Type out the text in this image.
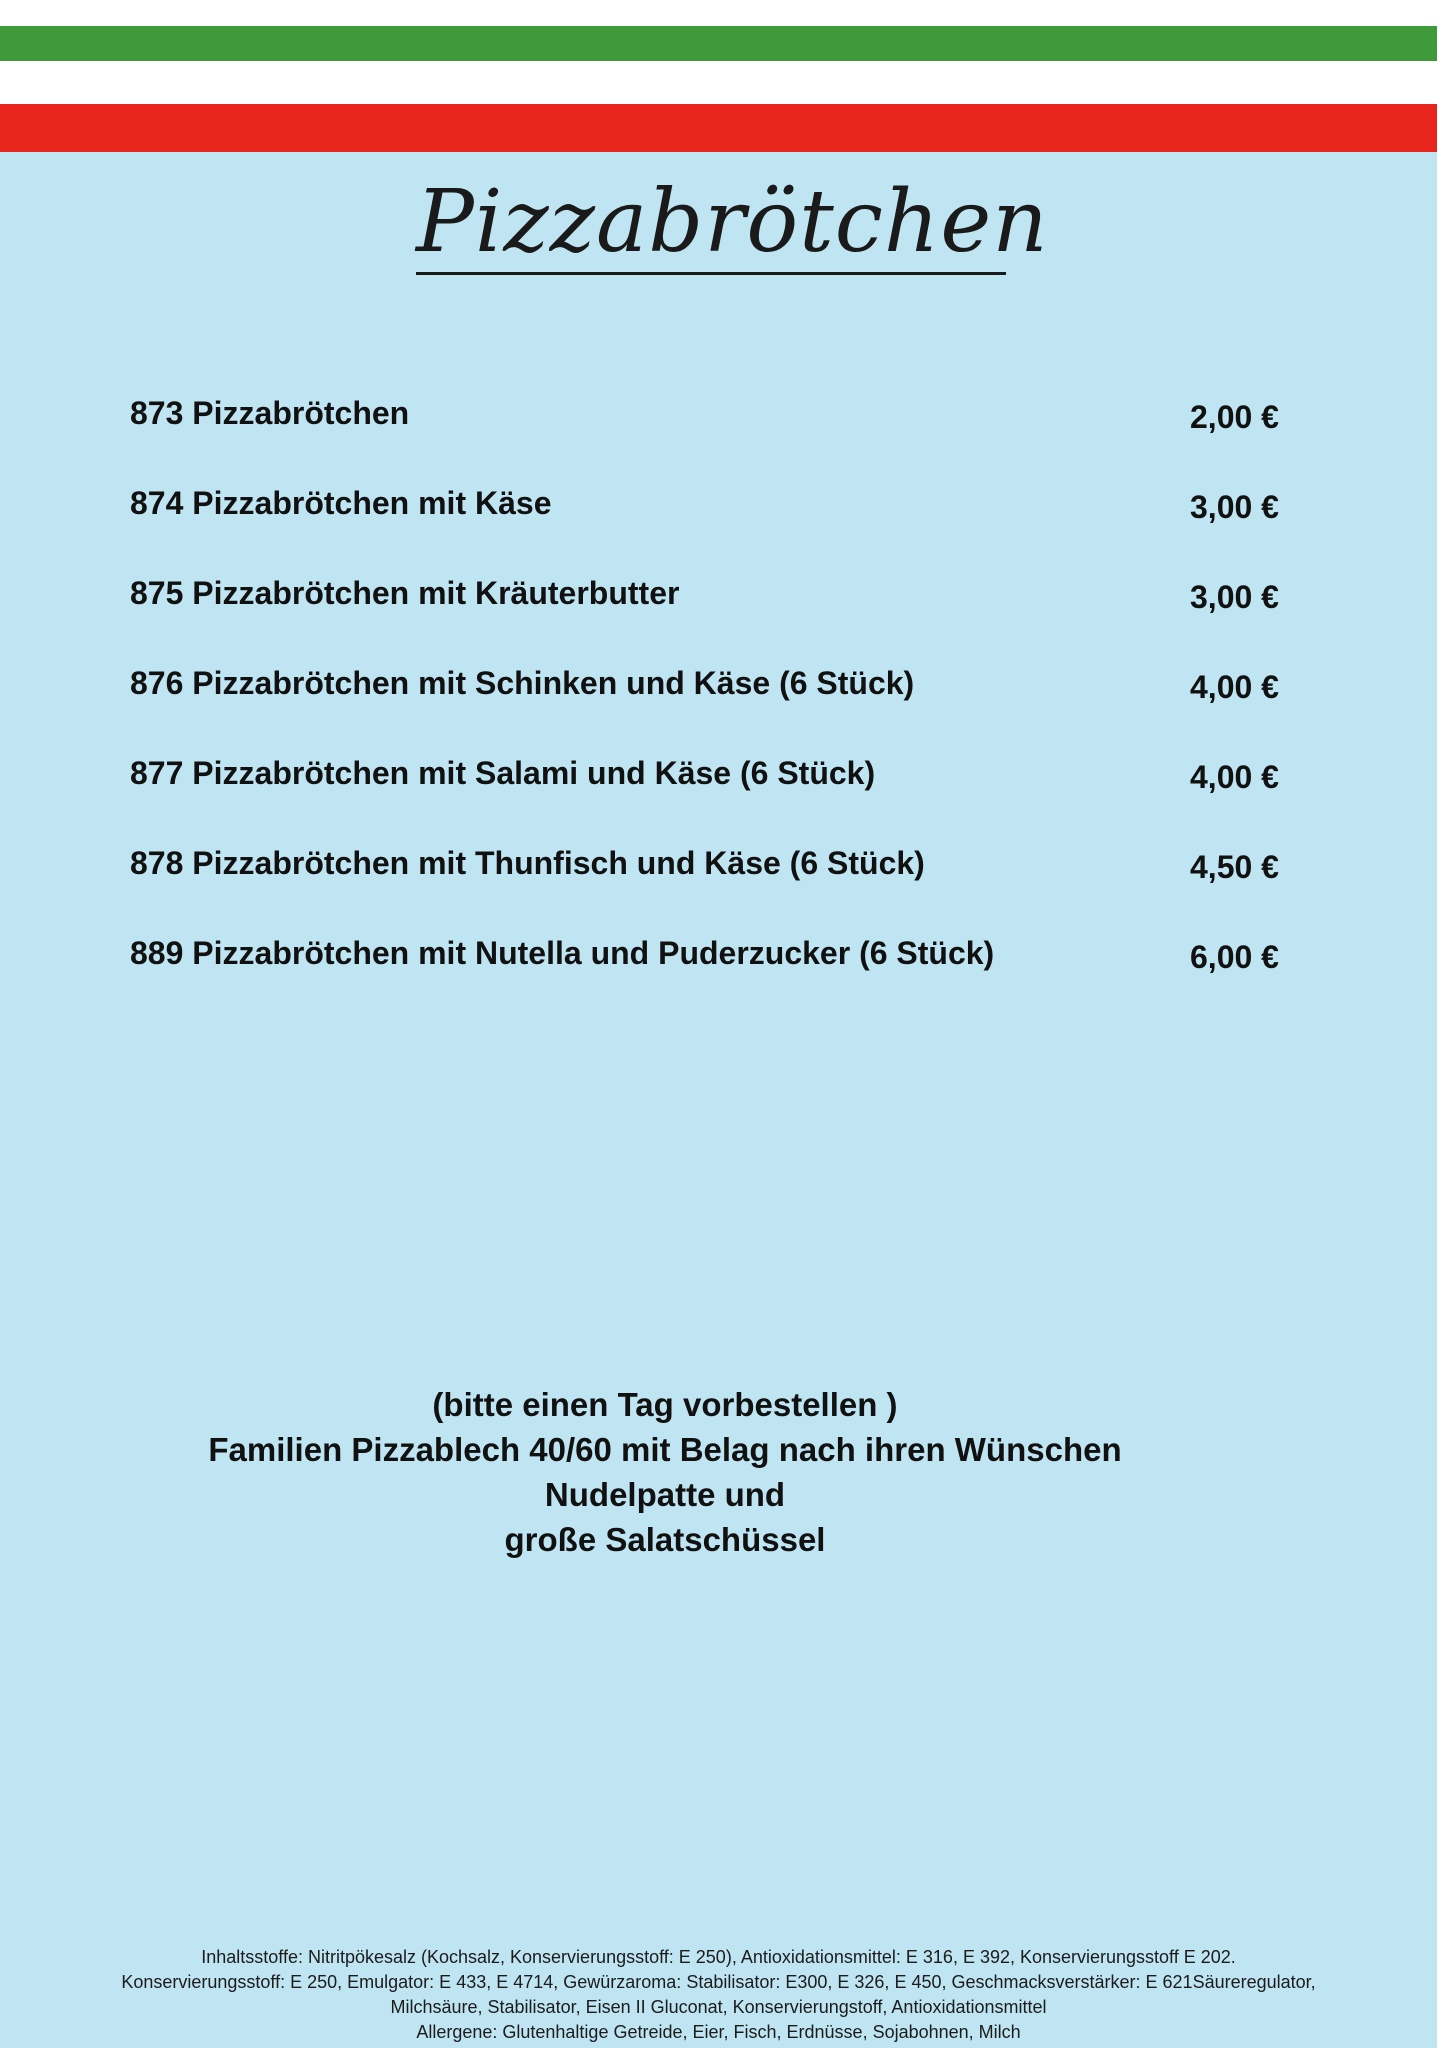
Pizzabrötchen
873 Pizzabrötchen	2,00 €
874 Pizzabrötchen mit Käse	3,00 €
875 Pizzabrötchen mit Kräuterbutter	3,00 €
876 Pizzabrötchen mit Schinken und Käse (6 Stück)	4,00 €
877 Pizzabrötchen mit Salami und Käse (6 Stück)	4,00 €
878 Pizzabrötchen mit Thunfisch und Käse (6 Stück)	4,50 €
889 Pizzabrötchen mit Nutella und Puderzucker (6 Stück)	6,00 €
(bitte einen Tag vorbestellen )
Familien Pizzablech 40/60 mit Belag nach ihren Wünschen
Nudelpatte und
große Salatschüssel
Inhaltsstoffe: Nitritpökesalz (Kochsalz, Konservierungsstoff: E 250), Antioxidationsmittel: E 316, E 392, Konservierungsstoff E 202.
Konservierungsstoff: E 250, Emulgator: E 433, E 4714, Gewürzaroma: Stabilisator: E300, E 326, E 450, Geschmacksverstärker: E 621Säureregulator,
Milchsäure, Stabilisator, Eisen II Gluconat, Konservierungstoff, Antioxidationsmittel
Allergene: Glutenhaltige Getreide, Eier, Fisch, Erdnüsse, Sojabohnen, Milch
